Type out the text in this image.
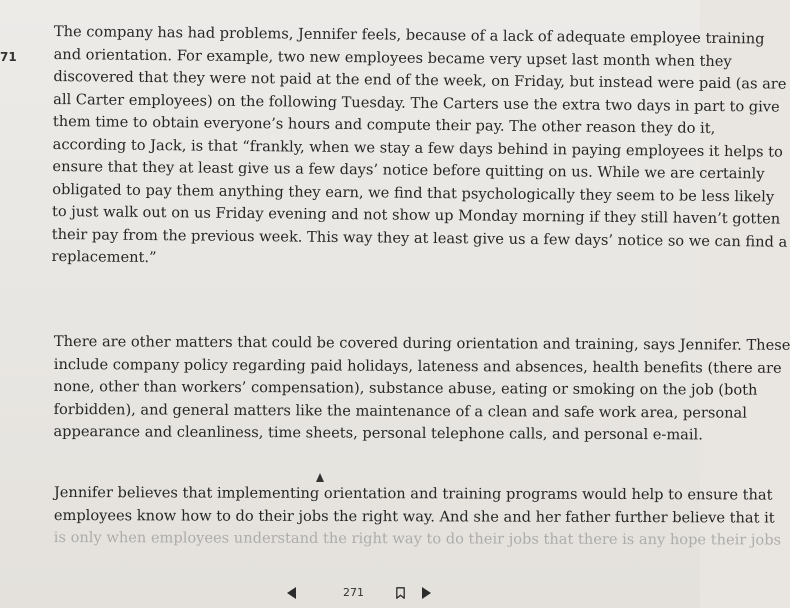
71

The company has had problems, Jennifer feels, because of a lack of adequate employee training
and orientation. For example, two new employees became very upset last month when they
discovered that they were not paid at the end of the week, on Friday, but instead were paid (as are
all Carter employees) on the following Tuesday. The Carters use the extra two days in part to give
them time to obtain everyone’s hours and compute their pay. The other reason they do it,
according to Jack, is that “frankly, when we stay a few days behind in paying employees it helps to
ensure that they at least give us a few days’ notice before quitting on us. While we are certainly
obligated to pay them anything they earn, we find that psychologically they seem to be less likely
to just walk out on us Friday evening and not show up Monday morning if they still haven’t gotten
their pay from the previous week. This way they at least give us a few days’ notice so we can find a
replacement.”

There are other matters that could be covered during orientation and training, says Jennifer. These
include company policy regarding paid holidays, lateness and absences, health benefits (there are
none, other than workers’ compensation), substance abuse, eating or smoking on the job (both
forbidden), and general matters like the maintenance of a clean and safe work area, personal
appearance and cleanliness, time sheets, personal telephone calls, and personal e-mail.

Jennifer believes that implementing orientation and training programs would help to ensure that
employees know how to do their jobs the right way. And she and her father further believe that it
is only when employees understand the right way to do their jobs that there is any hope their jobs

271
